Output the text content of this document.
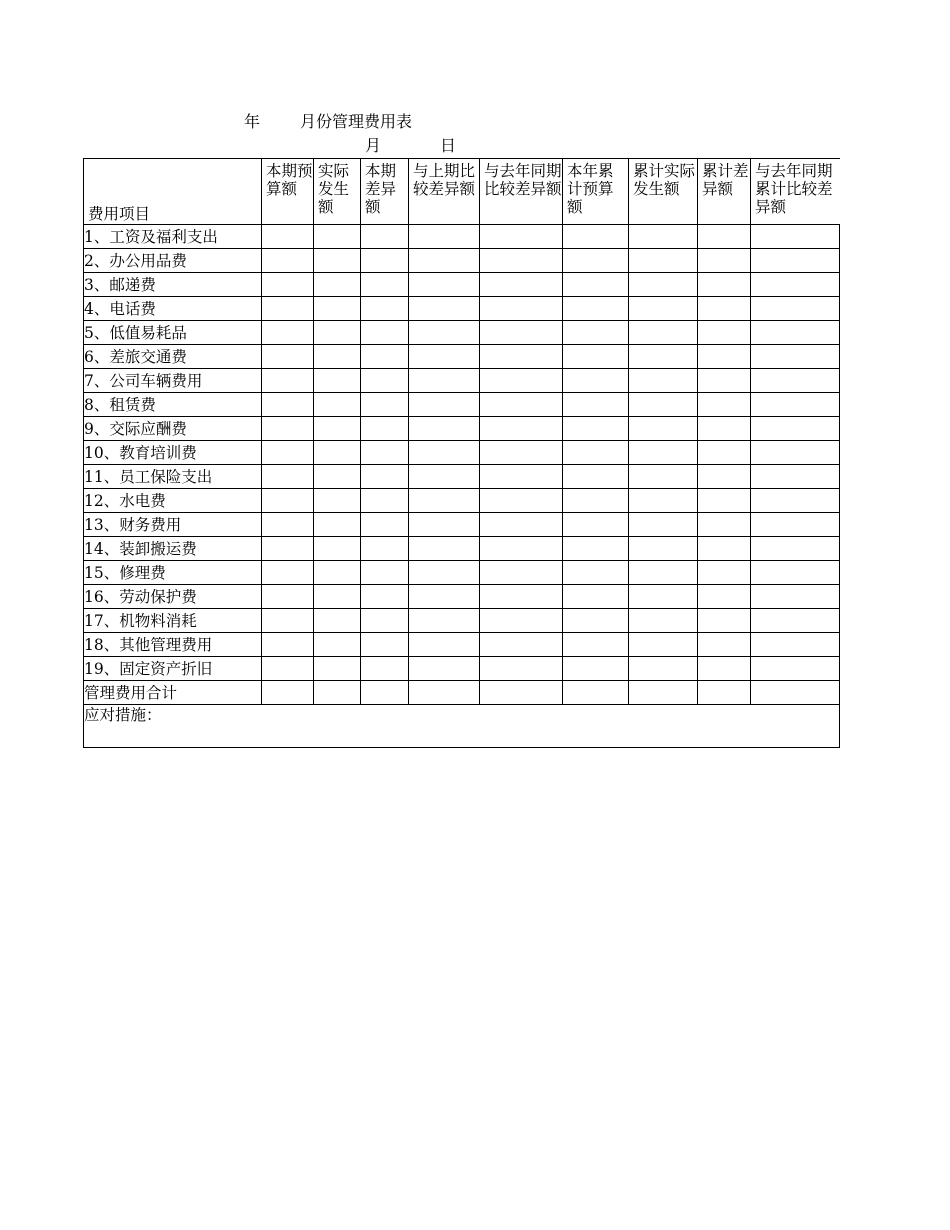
年 月份管理费用表
月	日
费用项目	本期预算额	实际发生额	本期差异额	与上期比较差异额	与去年同期比较差异额	本年累计预算额	累计实际发生额	累计差异额	与去年同期累计比较差异额
1、工资及福利支出									
2、办公用品费									
3、邮递费									
4、电话费									
5、低值易耗品									
6、差旅交通费									
7、公司车辆费用									
8、租赁费									
9、交际应酬费									
10、教育培训费									
11、员工保险支出									
12、水电费									
13、财务费用									
14、装卸搬运费									
15、修理费									
16、劳动保护费									
17、机物料消耗									
18、其他管理费用									
19、固定资产折旧									
管理费用合计									
应对措施：									
